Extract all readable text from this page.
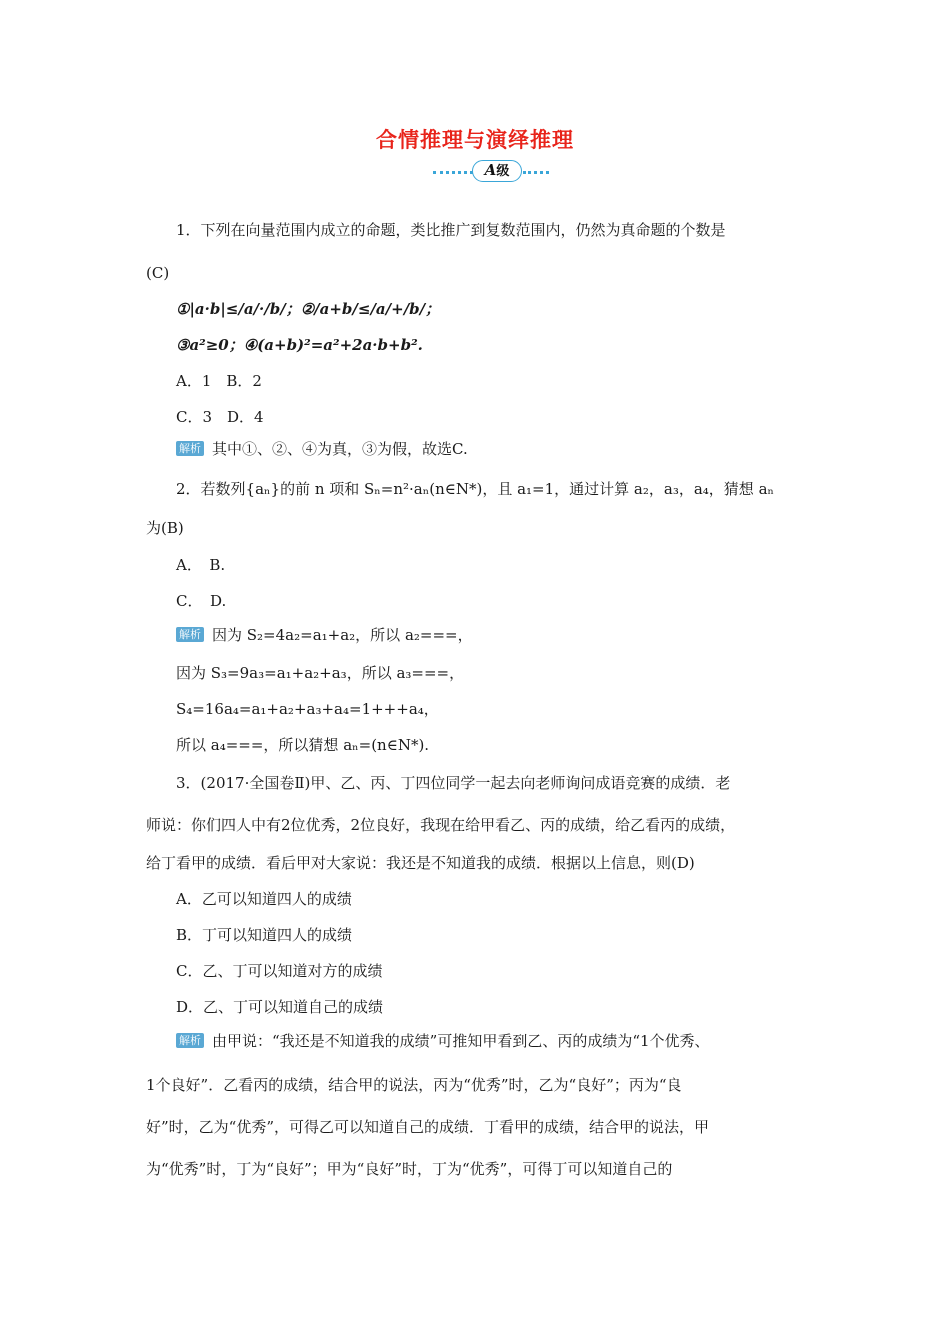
合情推理与演绎推理
A级
1．下列在向量范围内成立的命题，类比推广到复数范围内，仍然为真命题的个数是
(C)
①|a·b|≤/a/·/b/；②/a+b/≤/a/+/b/；
③a²≥0；④(a+b)²=a²+2a·b+b².
A．1　B．2
C．3　D．4
解析 其中①、②、④为真，③为假，故选C.
2．若数列{aₙ}的前 n 项和 Sₙ=n²·aₙ(n∈N*)，且 a₁=1，通过计算 a₂，a₃，a₄，猜想 aₙ
为(B)
A．　B.
C．　D.
解析 因为 S₂=4a₂=a₁+a₂，所以 a₂===，
因为 S₃=9a₃=a₁+a₂+a₃，所以 a₃===，
S₄=16a₄=a₁+a₂+a₃+a₄=1+++a₄，
所以 a₄===，所以猜想 aₙ=(n∈N*).
3．(2017·全国卷Ⅱ)甲、乙、丙、丁四位同学一起去向老师询问成语竞赛的成绩．老
师说：你们四人中有2位优秀，2位良好，我现在给甲看乙、丙的成绩，给乙看丙的成绩，
给丁看甲的成绩．看后甲对大家说：我还是不知道我的成绩．根据以上信息，则(D)
A．乙可以知道四人的成绩
B．丁可以知道四人的成绩
C．乙、丁可以知道对方的成绩
D．乙、丁可以知道自己的成绩
解析 由甲说：“我还是不知道我的成绩”可推知甲看到乙、丙的成绩为“1个优秀、
1个良好”．乙看丙的成绩，结合甲的说法，丙为“优秀”时，乙为“良好”；丙为“良
好”时，乙为“优秀”，可得乙可以知道自己的成绩．丁看甲的成绩，结合甲的说法，甲
为“优秀”时，丁为“良好”；甲为“良好”时，丁为“优秀”，可得丁可以知道自己的
